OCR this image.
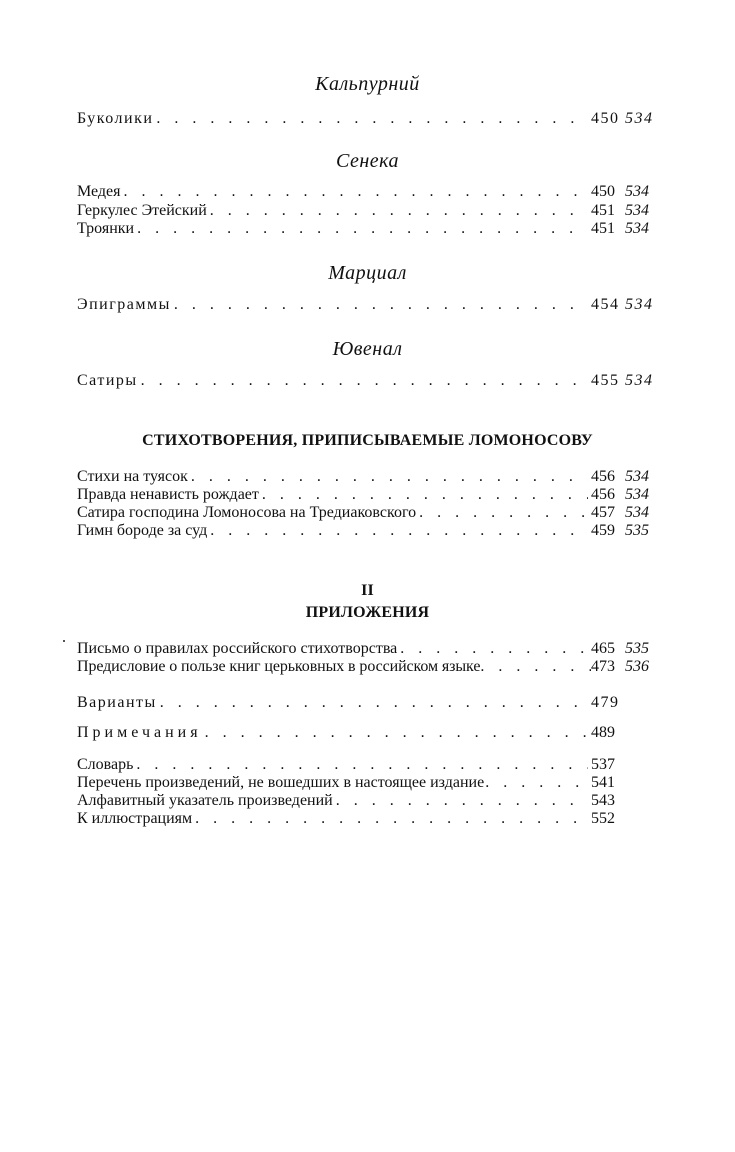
Кальпурний
Буколики . . .	450 534
Сенека
Медея . . .	450 534
Геркулес Этейский . . .	451 534
Троянки . . .	451 534
Марциал
Эпиграммы . . .	454 534
Ювенал
Сатиры . . .	455 534
СТИХОТВОРЕНИЯ, ПРИПИСЫВАЕМЫЕ ЛОМОНОСОВУ
Стихи на туясок . . .	456 534
Правда ненависть рождает . . .	456 534
Сатира господина Ломоносова на Тредиаковского . . .	457 534
Гимн бороде за суд . . .	459 535
II
ПРИЛОЖЕНИЯ
Письмо о правилах российского стихотворства . . .	465 535
Предисловие о пользе книг церьковных в российском языке . . .	473 536
Варианты . . .	479
Примечания . . .	489
Словарь . . .	537
Перечень произведений, не вошедших в настоящее издание . . .	541
Алфавитный указатель произведений . . .	543
К иллюстрациям . . .	552
